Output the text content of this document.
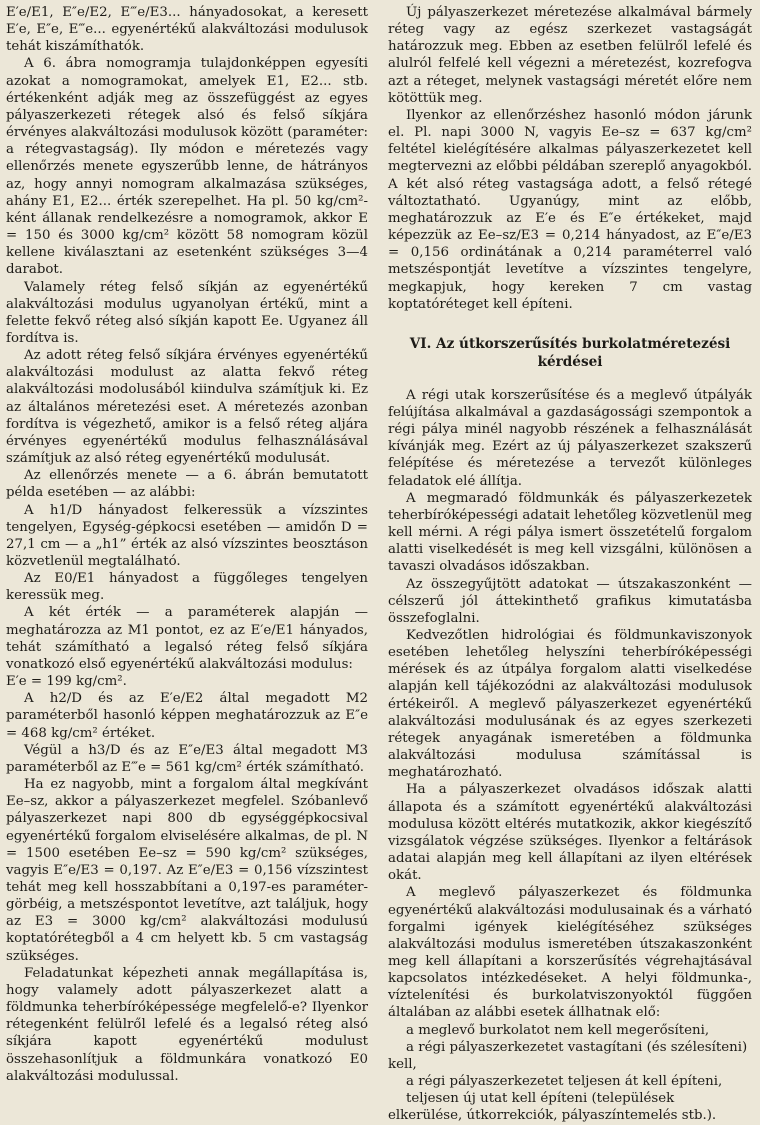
E′e/E1, E″e/E2, E‴e/E3... hányadosokat, a keresett E′e, E″e, E‴e... egyenértékű alakváltozási modulusok tehát kiszámíthatók.

A 6. ábra nomogramja tulajdonképpen egyesíti azokat a nomogramokat, amelyek E1, E2... stb. értékenként adják meg az összefüggést az egyes pályaszerkezeti rétegek alsó és felső síkjára érvényes alakváltozási modulusok között (paraméter: a rétegvastagság). Ily módon e méretezés vagy ellenőrzés menete egyszerűbb lenne, de hátrányos az, hogy annyi nomogram alkalmazása szükséges, ahány E1, E2... érték szerepelhet. Ha pl. 50 kg/cm²-ként állanak rendelkezésre a nomogramok, akkor E = 150 és 3000 kg/cm² között 58 nomogram közül kellene kiválasztani az esetenként szükséges 3—4 darabot.

Valamely réteg felső síkján az egyenértékű alakváltozási modulus ugyanolyan értékű, mint a felette fekvő réteg alsó síkján kapott Ee. Ugyanez áll fordítva is.

Az adott réteg felső síkjára érvényes egyenértékű alakváltozási modulust az alatta fekvő réteg alakváltozási modolusából kiindulva számítjuk ki. Ez az általános méretezési eset. A méretezés azonban fordítva is végezhető, amikor is a felső réteg aljára érvényes egyenértékű modulus felhasználásával számítjuk az alsó réteg egyenértékű modulusát.

Az ellenőrzés menete — a 6. ábrán bemutatott példa esetében — az alábbi:

A h1/D hányadost felkeressük a vízszintes tengelyen, Egység-gépkocsi esetében — amidőn D = 27,1 cm — a „h1” érték az alsó vízszintes beosztáson közvetlenül megtalálható.

Az E0/E1 hányadost a függőleges tengelyen keressük meg.

A két érték — a paraméterek alapján — meghatározza az M1 pontot, ez az E′e/E1 hányados, tehát számítható a legalsó réteg felső síkjára vonatkozó első egyenértékű alakváltozási modulus:

E′e = 199 kg/cm².

A h2/D és az E′e/E2 által megadott M2 paraméterből hasonló képpen meghatározzuk az E″e = 468 kg/cm² értéket.

Végül a h3/D és az E″e/E3 által megadott M3 paraméterből az E‴e = 561 kg/cm² érték számítható.

Ha ez nagyobb, mint a forgalom által megkívánt Ee–sz, akkor a pályaszerkezet megfelel. Szóbanlevő pályaszerkezet napi 800 db egységgépkocsival egyenértékű forgalom elviselésére alkalmas, de pl. N = 1500 esetében Ee–sz = 590 kg/cm² szükséges, vagyis E″e/E3 = 0,197. Az E″e/E3 = 0,156 vízszintest tehát meg kell hosszabbítani a 0,197-es paraméter-görbéig, a metszéspontot levetítve, azt találjuk, hogy az E3 = 3000 kg/cm² alakváltozási modulusú koptatórétegből a 4 cm helyett kb. 5 cm vastagság szükséges.

Feladatunkat képezheti annak megállapítása is, hogy valamely adott pályaszerkezet alatt a földmunka teherbíróképessége megfelelő-e? Ilyenkor rétegenként felülről lefelé és a legalsó réteg alsó síkjára kapott egyenértékű modulust összehasonlítjuk a földmunkára vonatkozó E0 alakváltozási modulussal.

Új pályaszerkezet méretezése alkalmával bármely réteg vagy az egész szerkezet vastagságát határozzuk meg. Ebben az esetben felülről lefelé és alulról felfelé kell végezni a méretezést, kozrefogva azt a réteget, melynek vastagsági méretét előre nem kötöttük meg.

Ilyenkor az ellenőrzéshez hasonló módon járunk el. Pl. napi 3000 N, vagyis Ee–sz = 637 kg/cm² feltétel kielégítésére alkalmas pályaszerkezetet kell megtervezni az előbbi példában szereplő anyagokból. A két alsó réteg vastagsága adott, a felső rétegé változtatható. Ugyanúgy, mint az előbb, meghatározzuk az E′e és E″e értékeket, majd képezzük az Ee–sz/E3 = 0,214 hányadost, az E″e/E3 = 0,156 ordinátának a 0,214 paraméterrel való metszéspontját levetítve a vízszintes tengelyre, megkapjuk, hogy kereken 7 cm vastag koptatóréteget kell építeni.

VI. Az útkorszerűsítés burkolatméretezési kérdései

A régi utak korszerűsítése és a meglevő útpályák felújítása alkalmával a gazdaságossági szempontok a régi pálya minél nagyobb részének a felhasználását kívánják meg. Ezért az új pályaszerkezet szakszerű felépítése és méretezése a tervezőt különleges feladatok elé állítja.

A megmaradó földmunkák és pályaszerkezetek teherbíróképességi adatait lehetőleg közvetlenül meg kell mérni. A régi pálya ismert összetételű forgalom alatti viselkedését is meg kell vizsgálni, különösen a tavaszi olvadásos időszakban.

Az összegyűjtött adatokat — útszakaszonként — célszerű jól áttekinthető grafikus kimutatásba összefoglalni.

Kedvezőtlen hidrológiai és földmunkaviszonyok esetében lehetőleg helyszíni teherbíróképességi mérések és az útpálya forgalom alatti viselkedése alapján kell tájékozódni az alakváltozási modulusok értékeiről. A meglevő pályaszerkezet egyenértékű alakváltozási modulusának és az egyes szerkezeti rétegek anyagának ismeretében a földmunka alakváltozási modulusa számítással is meghatározható.

Ha a pályaszerkezet olvadásos időszak alatti állapota és a számított egyenértékű alakváltozási modulusa között eltérés mutatkozik, akkor kiegészítő vizsgálatok végzése szükséges. Ilyenkor a feltárások adatai alapján meg kell állapítani az ilyen eltérések okát.

A meglevő pályaszerkezet és földmunka egyenértékű alakváltozási modulusainak és a várható forgalmi igények kielégítéséhez szükséges alakváltozási modulus ismeretében útszakaszonként meg kell állapítani a korszerűsítés végrehajtásával kapcsolatos intézkedéseket. A helyi földmunka-, víztelenítési és burkolatviszonyoktól függően általában az alábbi esetek állhatnak elő:

a meglevő burkolatot nem kell megerősíteni,

a régi pályaszerkezetet vastagítani (és szélesíteni) kell,

a régi pályaszerkezetet teljesen át kell építeni,

teljesen új utat kell építeni (települések elkerülése, útkorrekciók, pályaszíntemelés stb.).
